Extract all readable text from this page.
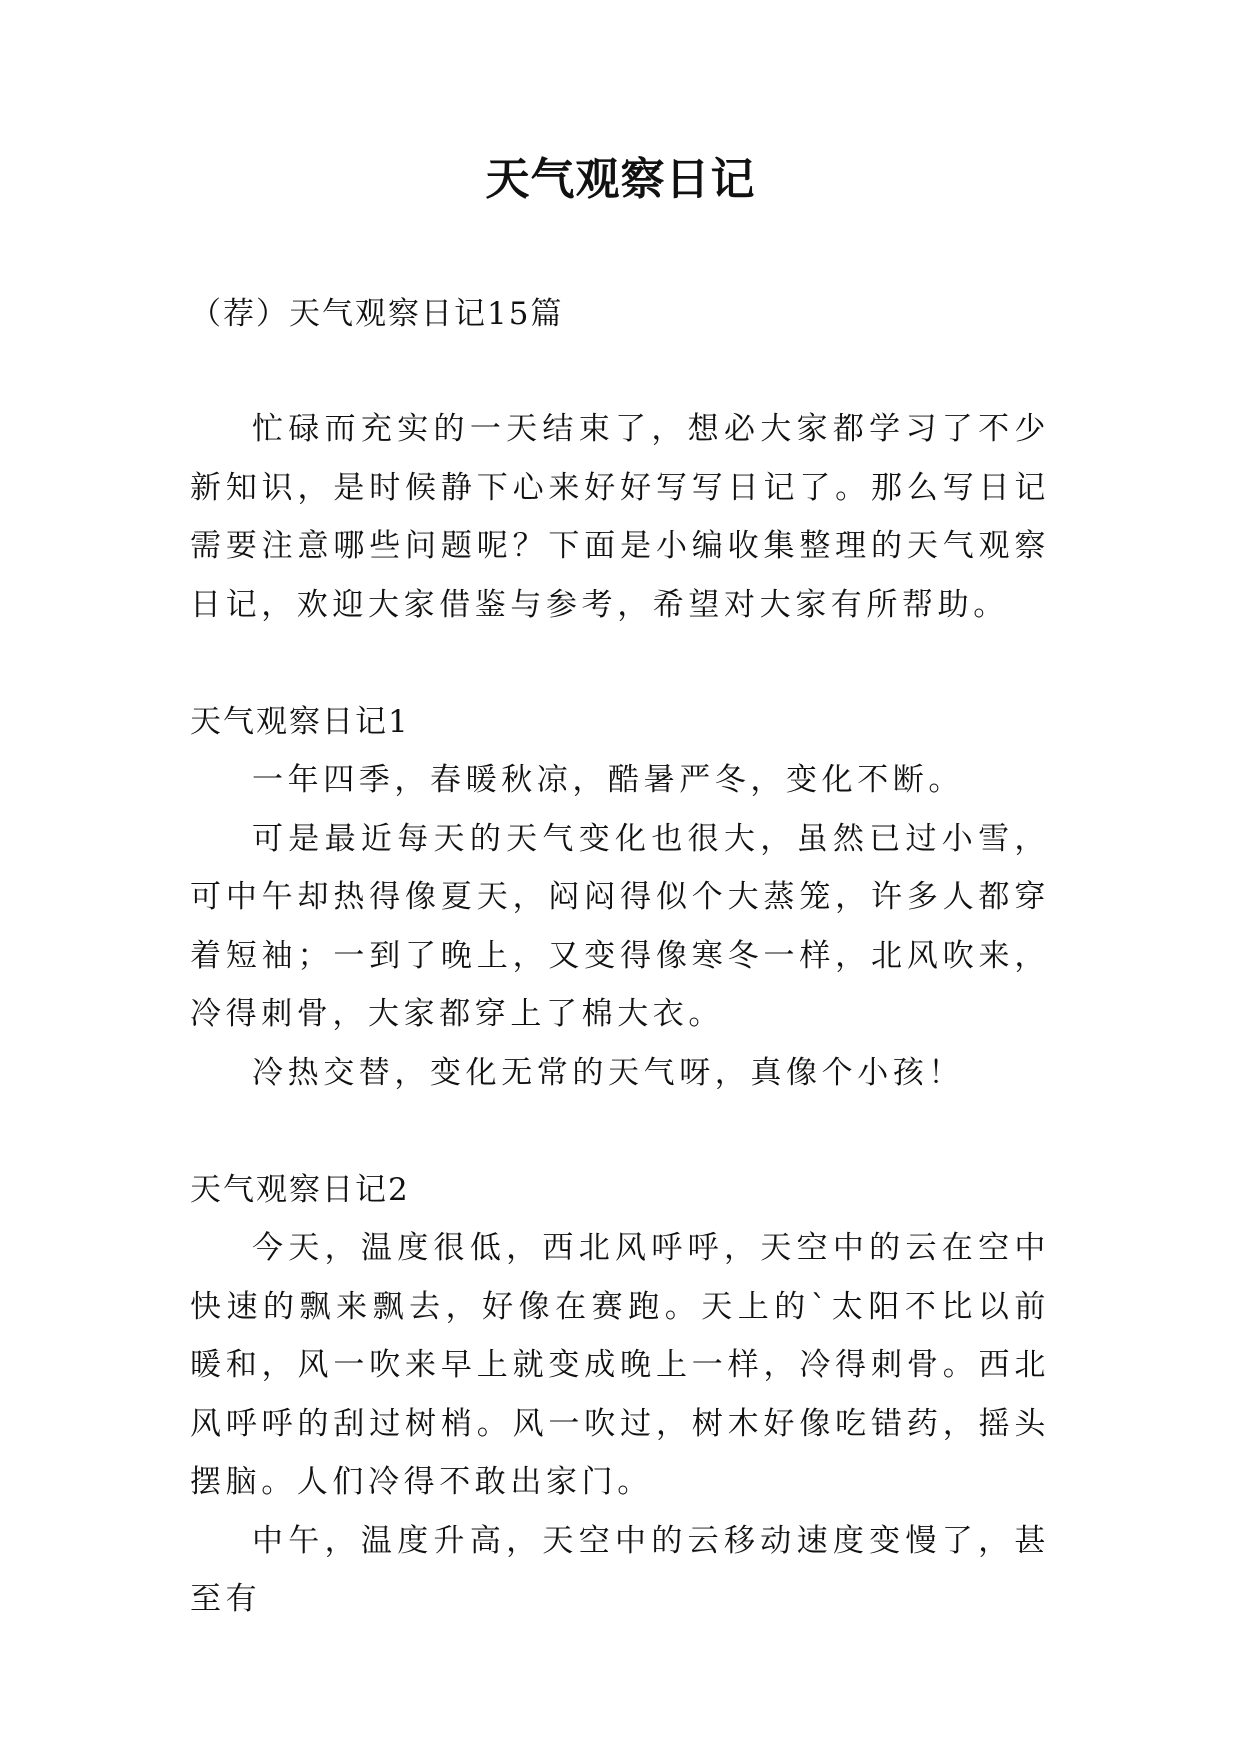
天气观察日记
（荐）天气观察日记15篇

忙碌而充实的一天结束了，想必大家都学习了不少新知识，是时候静下心来好好写写日记了。那么写日记需要注意哪些问题呢？下面是小编收集整理的天气观察日记，欢迎大家借鉴与参考，希望对大家有所帮助。

天气观察日记1

一年四季，春暖秋凉，酷暑严冬，变化不断。

可是最近每天的天气变化也很大，虽然已过小雪，可中午却热得像夏天，闷闷得似个大蒸笼，许多人都穿着短袖；一到了晚上，又变得像寒冬一样，北风吹来，冷得刺骨，大家都穿上了棉大衣。

冷热交替，变化无常的天气呀，真像个小孩！

天气观察日记2

今天，温度很低，西北风呼呼，天空中的云在空中快速的飘来飘去，好像在赛跑。天上的`太阳不比以前暖和，风一吹来早上就变成晚上一样，冷得刺骨。西北风呼呼的刮过树梢。风一吹过，树木好像吃错药，摇头摆脑。人们冷得不敢出家门。

中午，温度升高，天空中的云移动速度变慢了，甚至有
